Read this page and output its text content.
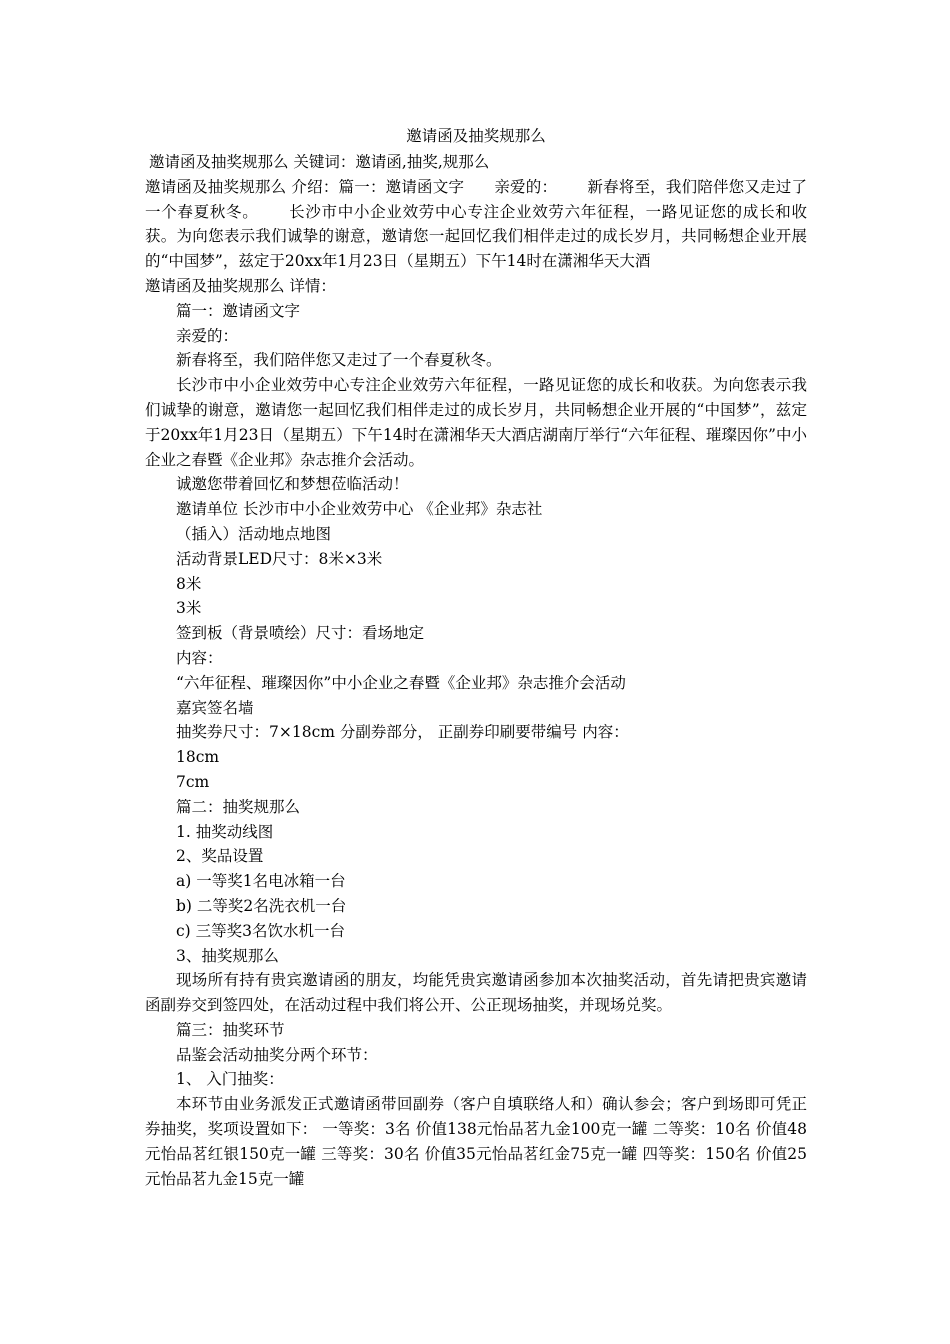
邀请函及抽奖规那么

邀请函及抽奖规那么 关键词：邀请函,抽奖,规那么

邀请函及抽奖规那么 介绍：篇一：邀请函文字 亲爱的： 新春将至，我们陪伴您又走过了一个春夏秋冬。 长沙市中小企业效劳中心专注企业效劳六年征程，一路见证您的成长和收获。为向您表示我们诚挚的谢意，邀请您一起回忆我们相伴走过的成长岁月，共同畅想企业开展的“中国梦”，兹定于20xx年1月23日（星期五）下午14时在潇湘华天大酒

邀请函及抽奖规那么 详情：

篇一：邀请函文字

亲爱的：

新春将至，我们陪伴您又走过了一个春夏秋冬。

长沙市中小企业效劳中心专注企业效劳六年征程，一路见证您的成长和收获。为向您表示我们诚挚的谢意，邀请您一起回忆我们相伴走过的成长岁月，共同畅想企业开展的“中国梦”，兹定于20xx年1月23日（星期五）下午14时在潇湘华天大酒店湖南厅举行“六年征程、璀璨因你”中小企业之春暨《企业邦》杂志推介会活动。

诚邀您带着回忆和梦想莅临活动！

邀请单位 长沙市中小企业效劳中心 《企业邦》杂志社

（插入）活动地点地图

活动背景LED尺寸：8米×3米

8米

3米

签到板（背景喷绘）尺寸：看场地定

内容：

“六年征程、璀璨因你”中小企业之春暨《企业邦》杂志推介会活动

嘉宾签名墙

抽奖券尺寸：7×18cm 分副券部分， 正副券印刷要带编号 内容：

18cm

7cm

篇二：抽奖规那么

1. 抽奖动线图

2、奖品设置

a) 一等奖1名电冰箱一台

b) 二等奖2名洗衣机一台

c) 三等奖3名饮水机一台

3、抽奖规那么

现场所有持有贵宾邀请函的朋友，均能凭贵宾邀请函参加本次抽奖活动，首先请把贵宾邀请函副券交到签四处，在活动过程中我们将公开、公正现场抽奖，并现场兑奖。

篇三：抽奖环节

品鉴会活动抽奖分两个环节：

1、 入门抽奖：

本环节由业务派发正式邀请函带回副券（客户自填联络人和）确认参会；客户到场即可凭正券抽奖，奖项设置如下： 一等奖：3名 价值138元怡品茗九金100克一罐 二等奖：10名 价值48元怡品茗红银150克一罐 三等奖：30名 价值35元怡品茗红金75克一罐 四等奖：150名 价值25元怡品茗九金15克一罐
